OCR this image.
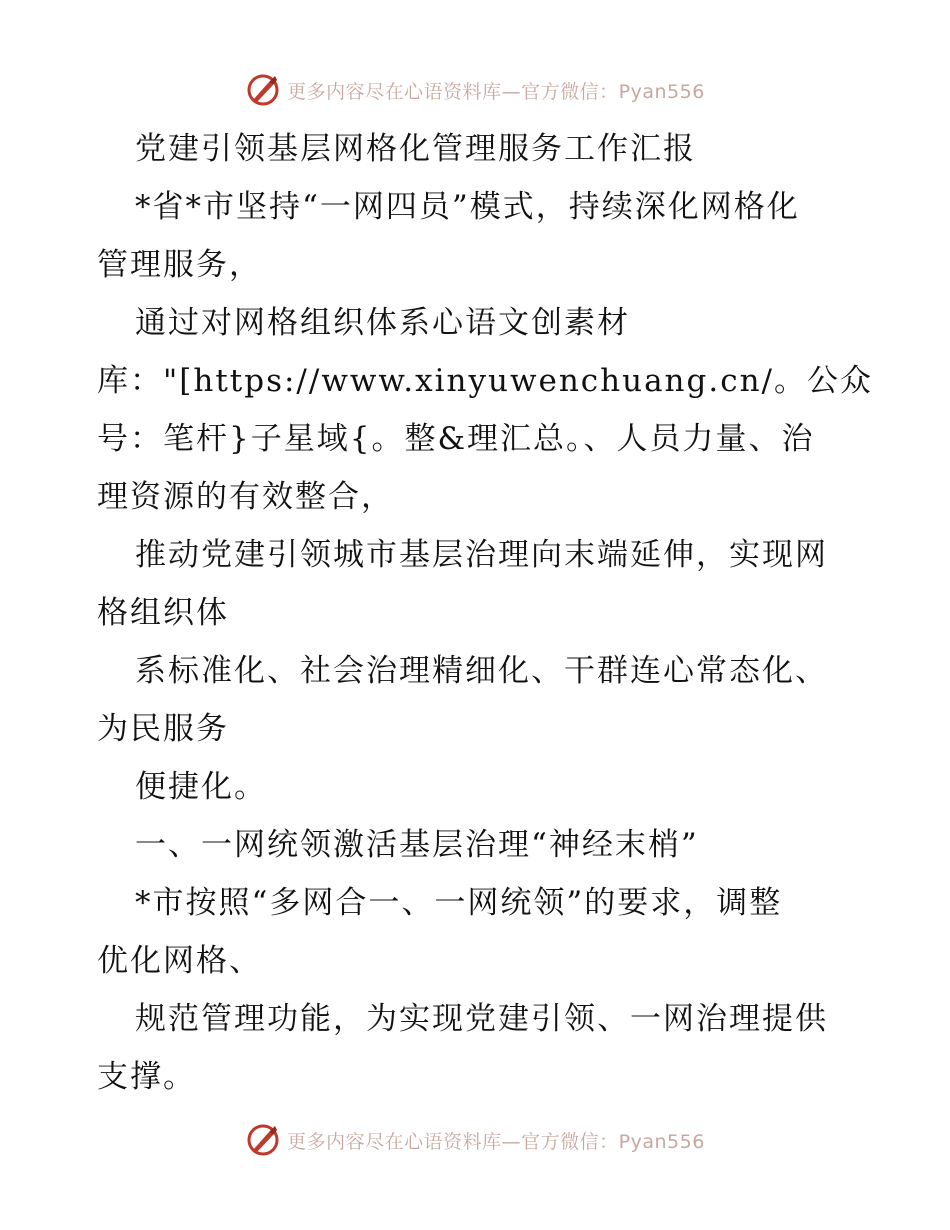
更多内容尽在心语资料库—官方微信：Pyan556
党建引领基层网格化管理服务工作汇报
*省*市坚持“一网四员”模式，持续深化网格化
管理服务，
通过对网格组织体系心语文创素材
库："[https://www.xinyuwenchuang.cn/。公众
号：笔杆}子星域{。整&理汇总。、人员力量、治
理资源的有效整合，
推动党建引领城市基层治理向末端延伸，实现网
格组织体
系标准化、社会治理精细化、干群连心常态化、
为民服务
便捷化。
一、一网统领激活基层治理“神经末梢”
*市按照“多网合一、一网统领”的要求，调整
优化网格、
规范管理功能，为实现党建引领、一网治理提供
支撑。
更多内容尽在心语资料库—官方微信：Pyan556
